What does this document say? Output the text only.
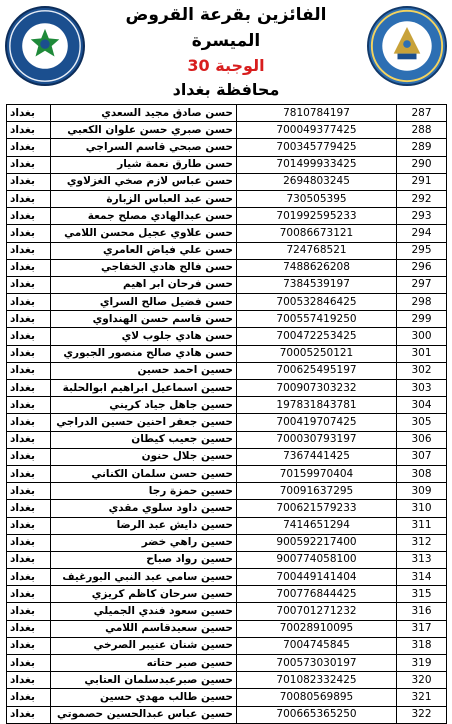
الفائزين بقرعة القروض الميسرة
الوجبة 30
محافظة بغداد
بغداد	حسن صادق مجيد السعدي	7810784197	287
بغداد	حسن صبري حسن علوان الكعبي	700049377425	288
بغداد	حسن صبحي قاسم السراجي	700345779425	289
بغداد	حسن طارق نعمة شيار	701499933425	290
بغداد	حسن عباس لازم صخي الغزلاوي	2694803245	291
بغداد	حسن عبد العباس الزبارة	730505395	292
بغداد	حسن عبدالهادي مصلح جمعة	701992595233	293
بغداد	حسن علاوي عجيل محسن اللامي	70086673121	294
بغداد	حسن علي فياض العامري	724768521	295
بغداد	حسن فالح هادي الخفاجي	7488626208	296
بغداد	حسن فرحان ابر اهيم	7384539197	297
بغداد	حسن فضيل صالح السراي	700532846425	298
بغداد	حسن قاسم حسن الهنداوي	700557419250	299
بغداد	حسن هادي جلوب لاي	700472253425	300
بغداد	حسن هادي صالح منصور الجبوري	70005250121	301
بغداد	حسين احمد حسين	700625495197	302
بغداد	حسين اسماعيل ابراهيم ابوالحلبة	700907303232	303
بغداد	حسين جاهل جياد كريني	197831843781	304
بغداد	حسين جعفر احنين حسين الدراجي	700419707425	305
بغداد	حسين جعيب كيطان	700030793197	306
بغداد	حسين جلال حنون	7367441425	307
بغداد	حسين حسن سلمان الكناني	70159970404	308
بغداد	حسين حمزة رجا	70091637295	309
بغداد	حسين داود سلوي مقدي	700621579233	310
بغداد	حسين دايش عبد الرضا	7414651294	311
بغداد	حسين راهي خضر	900592217400	312
بغداد	حسين رواد صباح	900774058100	313
بغداد	حسين سامي عبد النبي البورغيف	700449141404	314
بغداد	حسين سرحان كاظم كريزي	700776844425	315
بغداد	حسين سعود فندي الجميلي	700701271232	316
بغداد	حسين سعيدقاسم اللامي	70028910095	317
بغداد	حسين شنان عنيبر الصرخي	7004745845	318
بغداد	حسين صبر حتاته	700573030197	319
بغداد	حسين صبرعبدسلمان العتابي	701082332425	320
بغداد	حسين طالب مهدي حسين	70080569895	321
بغداد	حسين عباس عبدالحسين حصموتي	700665365250	322
